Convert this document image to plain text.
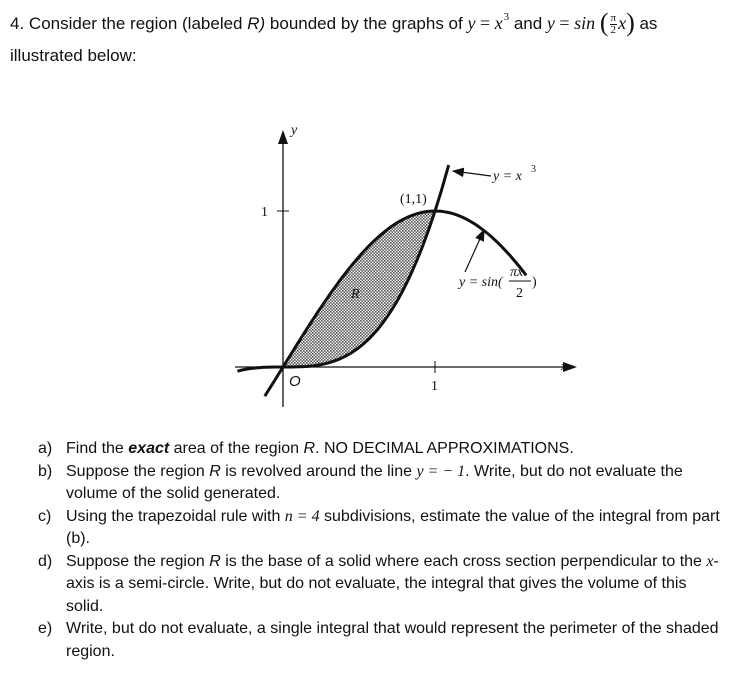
4. Consider the region (labeled R) bounded by the graphs of $y = x^3$ and y = sin ( $\frac{\pi}{2} x$) as
illustrated below:
y
x
1
1
O
(1,1)
R
y = x 3
y = sin(
πx
2
)
a) Find the exact area of the region R. NO DECIMAL APPROXIMATIONS.
b) Suppose the region R is revolved around the line y = − 1. Write, but do not evaluate the volume of the solid generated.
c) Using the trapezoidal rule with n = 4 subdivisions, estimate the value of the integral from part (b).
d) Suppose the region R is the base of a solid where each cross section perpendicular to the x-axis is a semi-circle. Write, but do not evaluate, the integral that gives the volume of this solid.
e) Write, but do not evaluate, a single integral that would represent the perimeter of the shaded region.
